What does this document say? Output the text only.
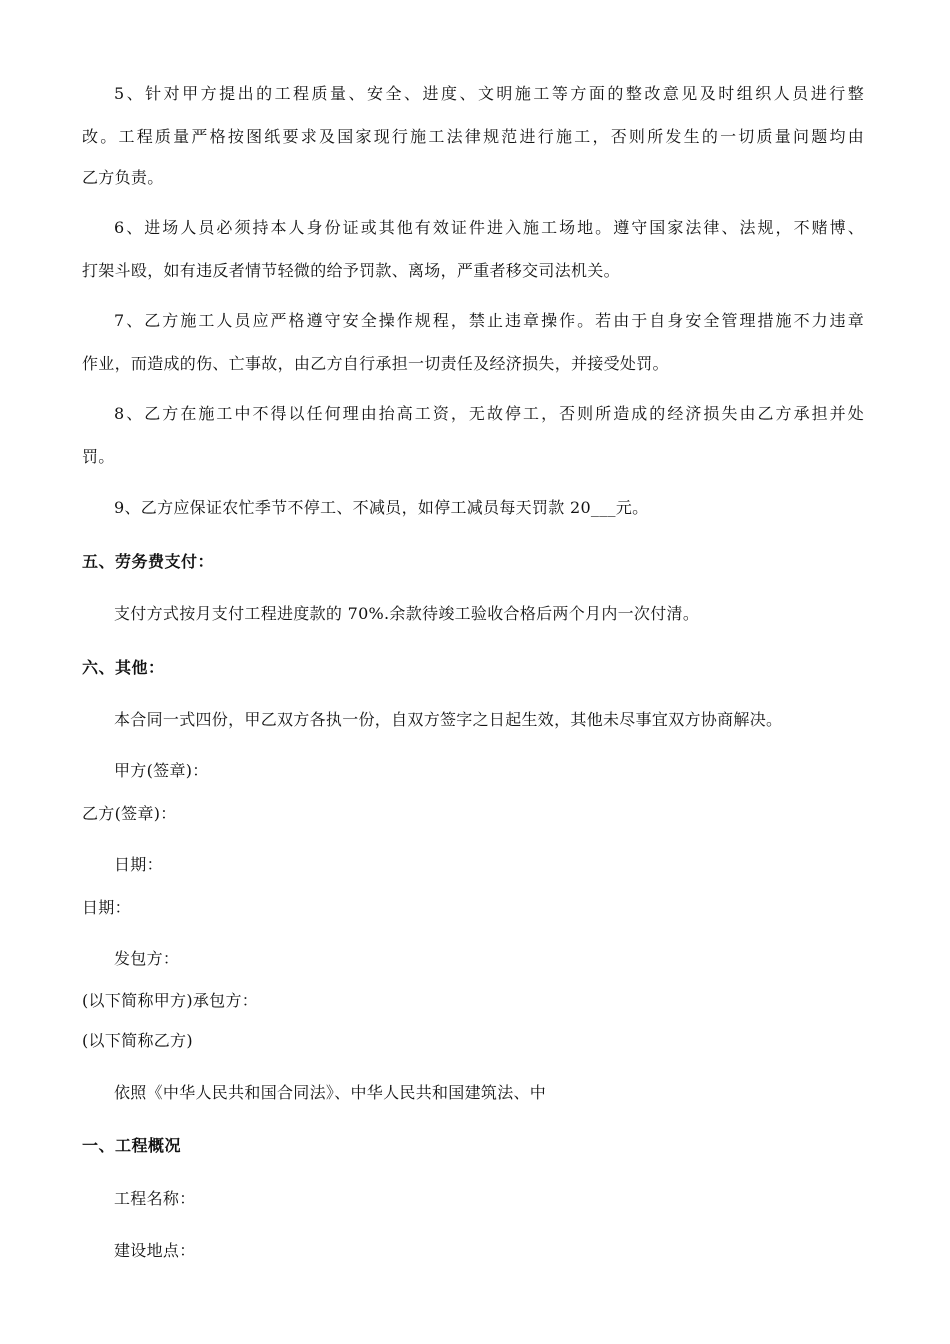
5、针对甲方提出的工程质量、安全、进度、文明施工等方面的整改意见及时组织人员进行整
改。工程质量严格按图纸要求及国家现行施工法律规范进行施工，否则所发生的一切质量问题均由
乙方负责。
6、进场人员必须持本人身份证或其他有效证件进入施工场地。遵守国家法律、法规，不赌博、
打架斗殴，如有违反者情节轻微的给予罚款、离场，严重者移交司法机关。
7、乙方施工人员应严格遵守安全操作规程，禁止违章操作。若由于自身安全管理措施不力违章
作业，而造成的伤、亡事故，由乙方自行承担一切责任及经济损失，并接受处罚。
8、乙方在施工中不得以任何理由抬高工资，无故停工，否则所造成的经济损失由乙方承担并处
罚。
9、乙方应保证农忙季节不停工、不减员，如停工减员每天罚款 20___元。
五、劳务费支付：
支付方式按月支付工程进度款的 70%.余款待竣工验收合格后两个月内一次付清。
六、其他：
本合同一式四份，甲乙双方各执一份，自双方签字之日起生效，其他未尽事宜双方协商解决。
甲方(签章)：
乙方(签章)：
日期：
日期：
发包方：
(以下简称甲方)承包方：
(以下简称乙方)
依照《中华人民共和国合同法》、中华人民共和国建筑法、中
一、工程概况
工程名称：
建设地点：
